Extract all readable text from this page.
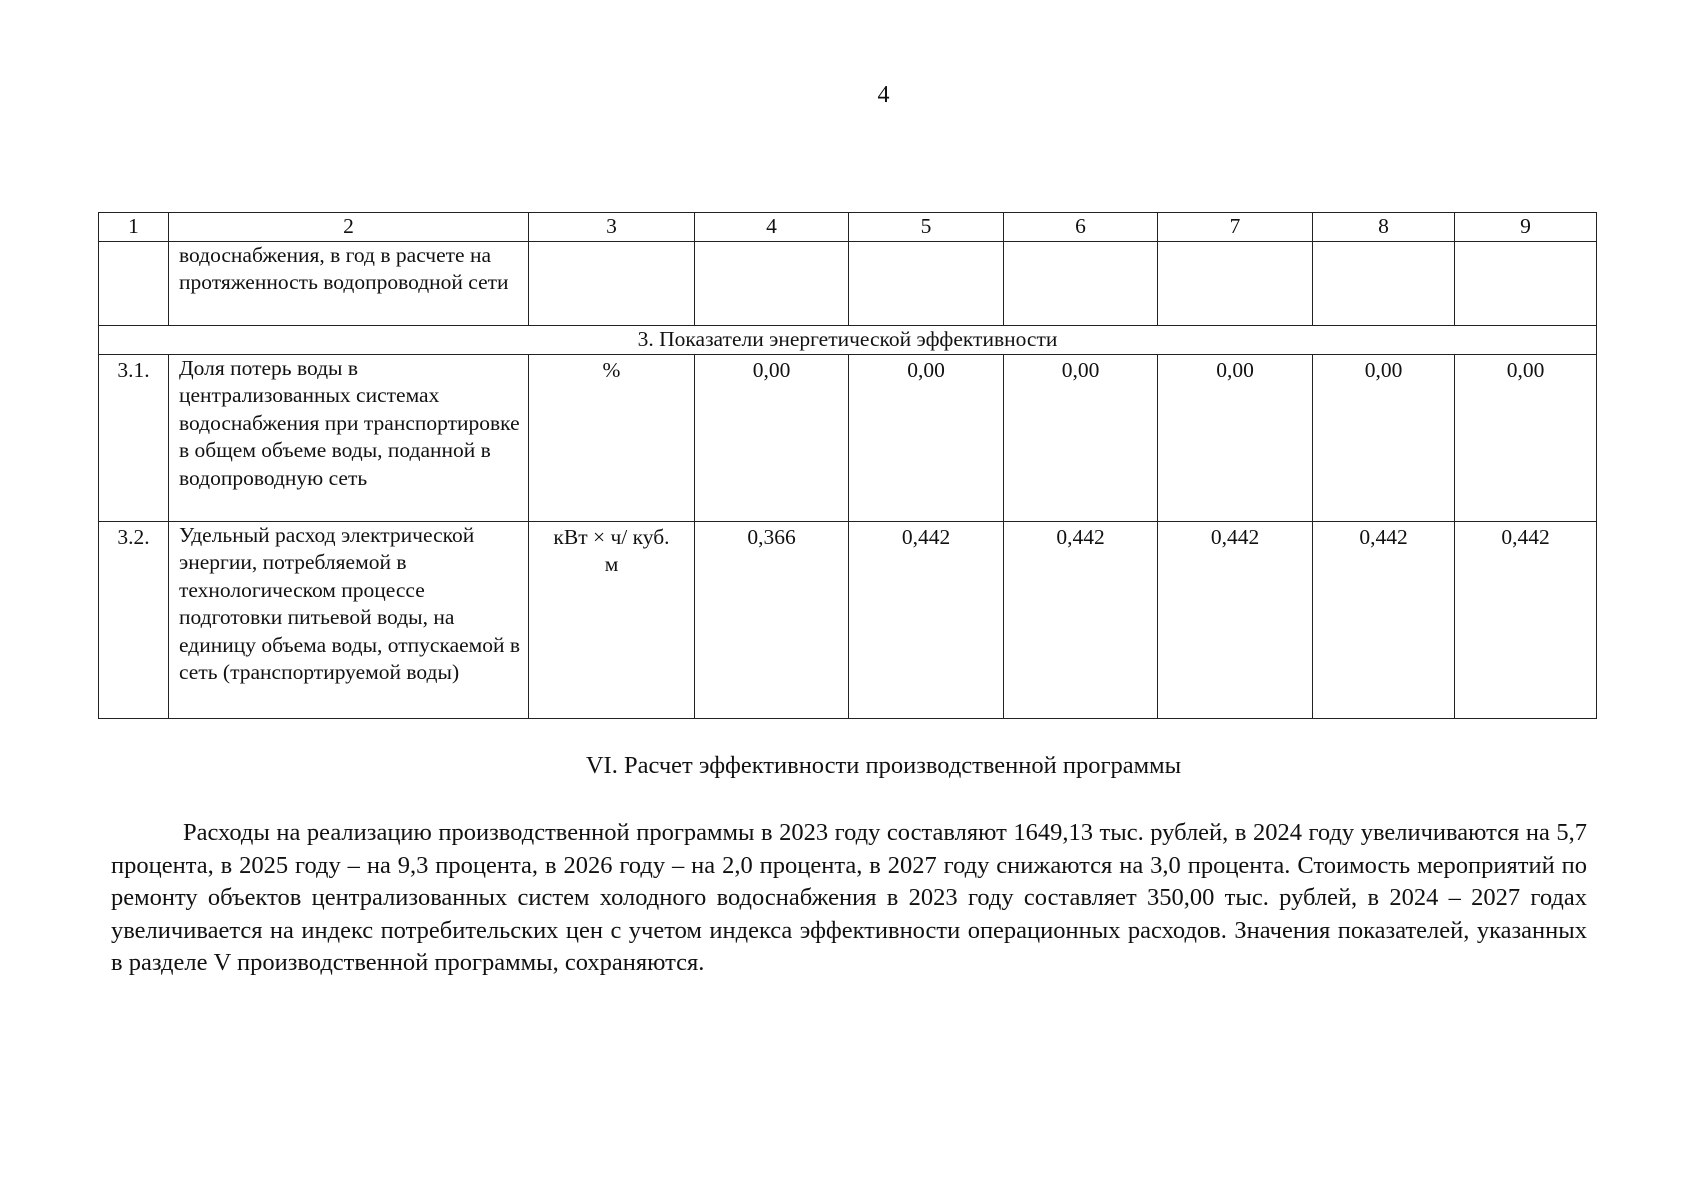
4
1	2	3	4	5	6	7	8	9
	водоснабжения, в год в расчете на протяженность водопроводной сети							
3. Показатели энергетической эффективности								
3.1.	Доля потерь воды в централизованных системах водоснабжения при транспортировке в общем объеме воды, поданной в водопроводную сеть	%	0,00	0,00	0,00	0,00	0,00	0,00
3.2.	Удельный расход электрической энергии, потребляемой в технологическом процессе подготовки питьевой воды, на единицу объема воды, отпускаемой в сеть (транспортируемой воды)	кВт × ч/ куб. м	0,366	0,442	0,442	0,442	0,442	0,442
VI. Расчет эффективности производственной программы

Расходы на реализацию производственной программы в 2023 году составляют 1649,13 тыс. рублей, в 2024 году увеличиваются на 5,7 процента, в 2025 году – на 9,3 процента, в 2026 году – на 2,0 процента, в 2027 году снижаются на 3,0 процента. Стоимость мероприятий по ремонту объектов централизованных систем холодного водоснабжения в 2023 году составляет 350,00 тыс. рублей, в 2024 – 2027 годах увеличивается на индекс потребительских цен с учетом индекса эффективности операционных расходов. Значения показателей, указанных в разделе V производственной программы, сохраняются.
